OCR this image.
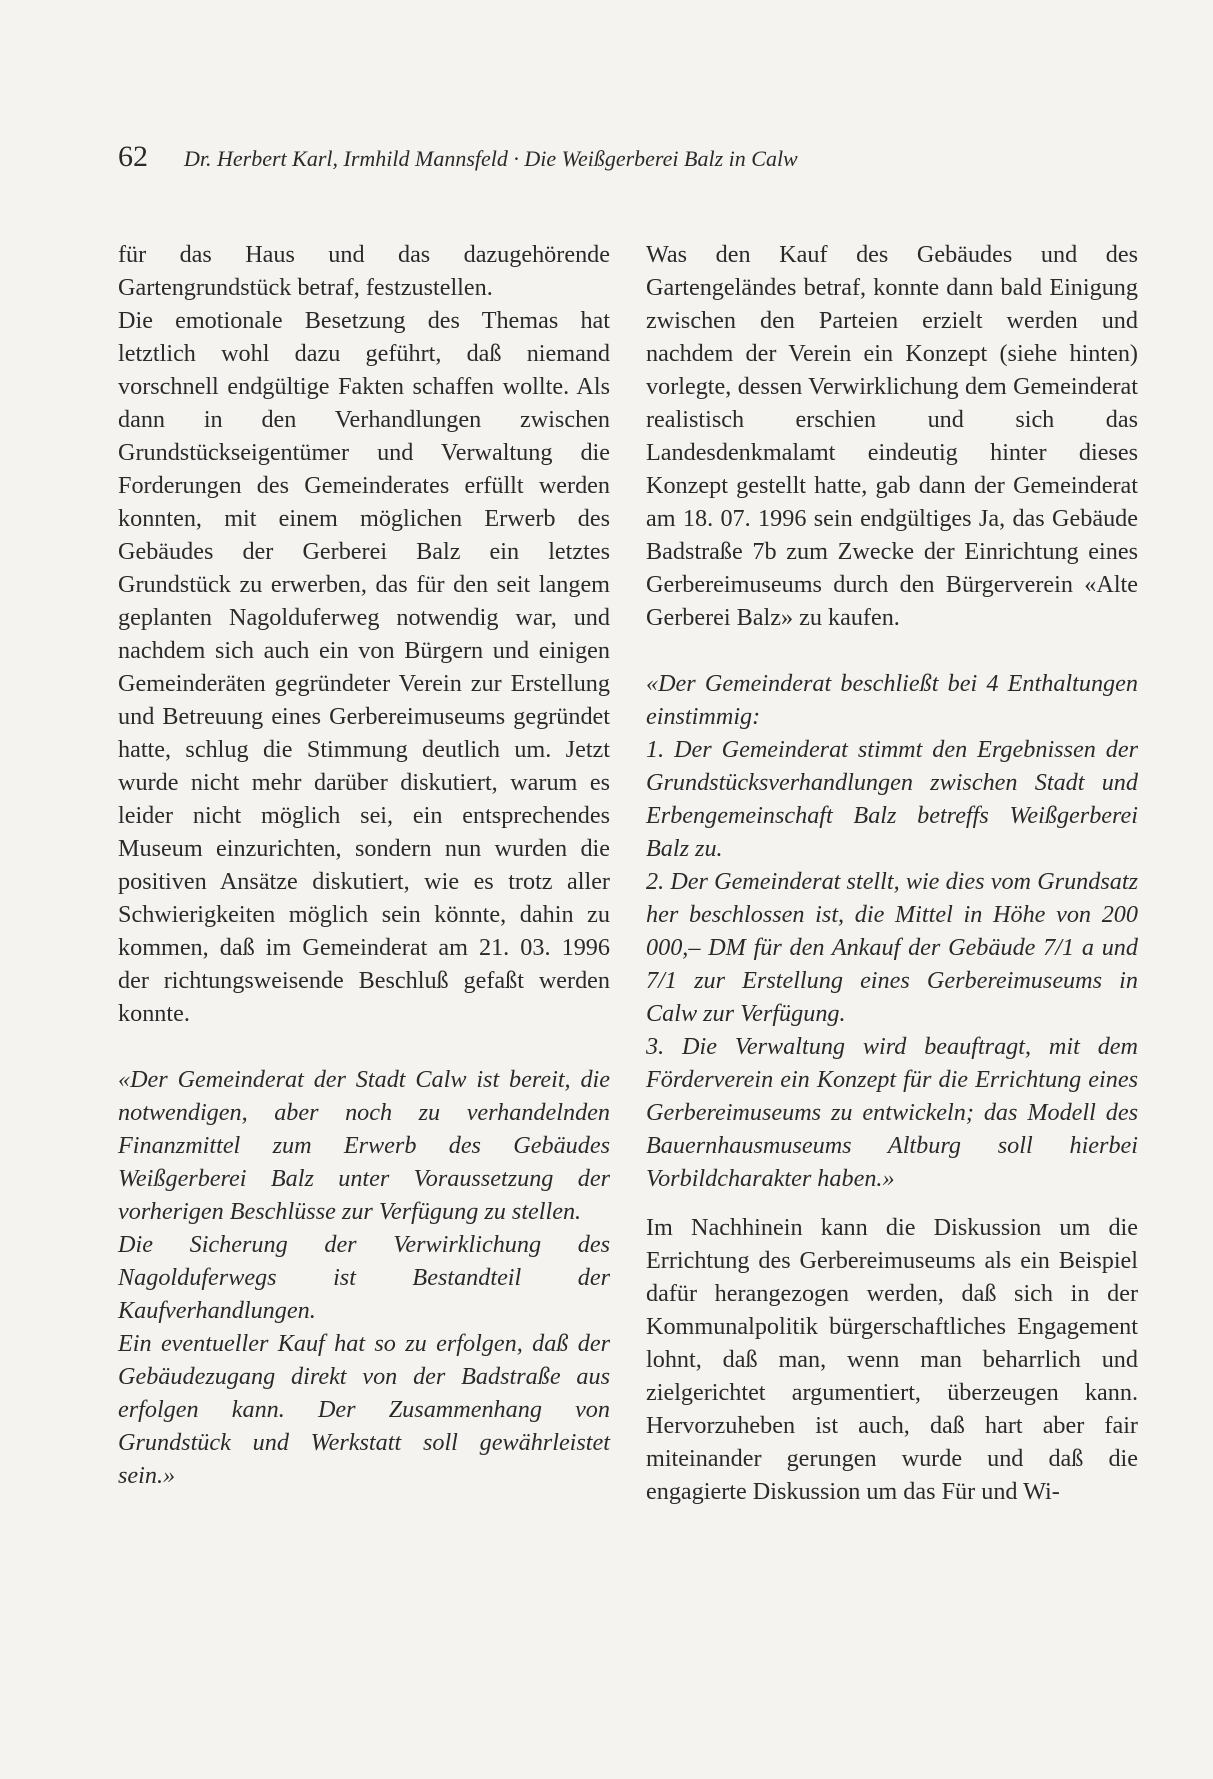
62 Dr. Herbert Karl, Irmhild Mannsfeld · Die Weißgerberei Balz in Calw

für das Haus und das dazugehörende Gartengrundstück betraf, festzustellen.

Die emotionale Besetzung des Themas hat letztlich wohl dazu geführt, daß niemand vorschnell endgültige Fakten schaffen wollte. Als dann in den Verhandlungen zwischen Grundstückseigentümer und Verwaltung die Forderungen des Gemeinderates erfüllt werden konnten, mit einem möglichen Erwerb des Gebäudes der Gerberei Balz ein letztes Grundstück zu erwerben, das für den seit langem geplanten Nagolduferweg notwendig war, und nachdem sich auch ein von Bürgern und einigen Gemeinderäten gegründeter Verein zur Erstellung und Betreuung eines Gerbereimuseums gegründet hatte, schlug die Stimmung deutlich um. Jetzt wurde nicht mehr darüber diskutiert, warum es leider nicht möglich sei, ein entsprechendes Museum einzurichten, sondern nun wurden die positiven Ansätze diskutiert, wie es trotz aller Schwierigkeiten möglich sein könnte, dahin zu kommen, daß im Gemeinderat am 21. 03. 1996 der richtungsweisende Beschluß gefaßt werden konnte.

«Der Gemeinderat der Stadt Calw ist bereit, die notwendigen, aber noch zu verhandelnden Finanzmittel zum Erwerb des Gebäudes Weißgerberei Balz unter Voraussetzung der vorherigen Beschlüsse zur Verfügung zu stellen.

Die Sicherung der Verwirklichung des Nagolduferwegs ist Bestandteil der Kaufverhandlungen.

Ein eventueller Kauf hat so zu erfolgen, daß der Gebäudezugang direkt von der Badstraße aus erfolgen kann. Der Zusammenhang von Grundstück und Werkstatt soll gewährleistet sein.»

Was den Kauf des Gebäudes und des Gartengeländes betraf, konnte dann bald Einigung zwischen den Parteien erzielt werden und nachdem der Verein ein Konzept (siehe hinten) vorlegte, dessen Verwirklichung dem Gemeinderat realistisch erschien und sich das Landesdenkmalamt eindeutig hinter dieses Konzept gestellt hatte, gab dann der Gemeinderat am 18. 07. 1996 sein endgültiges Ja, das Gebäude Badstraße 7b zum Zwecke der Einrichtung eines Gerbereimuseums durch den Bürgerverein «Alte Gerberei Balz» zu kaufen.

«Der Gemeinderat beschließt bei 4 Enthaltungen einstimmig:

1. Der Gemeinderat stimmt den Ergebnissen der Grundstücksverhandlungen zwischen Stadt und Erbengemeinschaft Balz betreffs Weißgerberei Balz zu.

2. Der Gemeinderat stellt, wie dies vom Grundsatz her beschlossen ist, die Mittel in Höhe von 200 000,– DM für den Ankauf der Gebäude 7/1 a und 7/1 zur Erstellung eines Gerbereimuseums in Calw zur Verfügung.

3. Die Verwaltung wird beauftragt, mit dem Förderverein ein Konzept für die Errichtung eines Gerbereimuseums zu entwickeln; das Modell des Bauernhausmuseums Altburg soll hierbei Vorbildcharakter haben.»

Im Nachhinein kann die Diskussion um die Errichtung des Gerbereimuseums als ein Beispiel dafür herangezogen werden, daß sich in der Kommunalpolitik bürgerschaftliches Engagement lohnt, daß man, wenn man beharrlich und zielgerichtet argumentiert, überzeugen kann. Hervorzuheben ist auch, daß hart aber fair miteinander gerungen wurde und daß die engagierte Diskussion um das Für und Wi-
